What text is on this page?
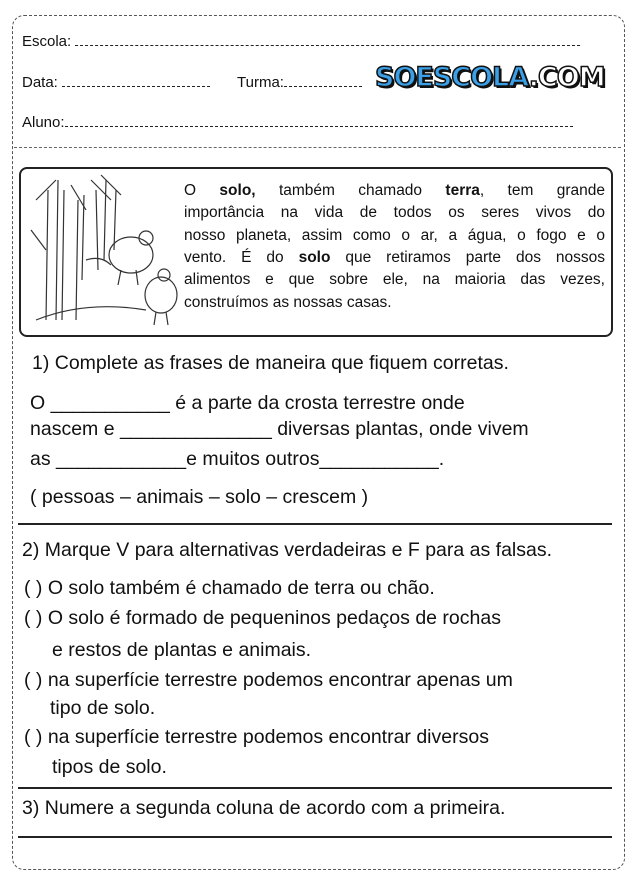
Escola:
Data:	Turma:
Aluno:
SOESCOLA.COM
O solo, também chamado terra, tem grande
importância na vida de todos os seres vivos do
nosso planeta, assim como o ar, a água, o fogo e o
vento. É do solo que retiramos parte dos nossos
alimentos e que sobre ele, na maioria das vezes,
construímos as nossas casas.
1) Complete as frases de maneira que fiquem corretas.
O ___________ é a parte da crosta terrestre onde
nascem e ______________ diversas plantas, onde vivem
as ____________e muitos outros___________.
( pessoas – animais – solo – crescem )
2) Marque V para alternativas verdadeiras e F para as falsas.
( ) O solo também é chamado de terra ou chão.
( ) O solo é formado de pequeninos pedaços de rochas
e restos de plantas e animais.
( ) na superfície terrestre podemos encontrar apenas um
tipo de solo.
( ) na superfície terrestre podemos encontrar diversos
tipos de solo.
3) Numere a segunda coluna de acordo com a primeira.
